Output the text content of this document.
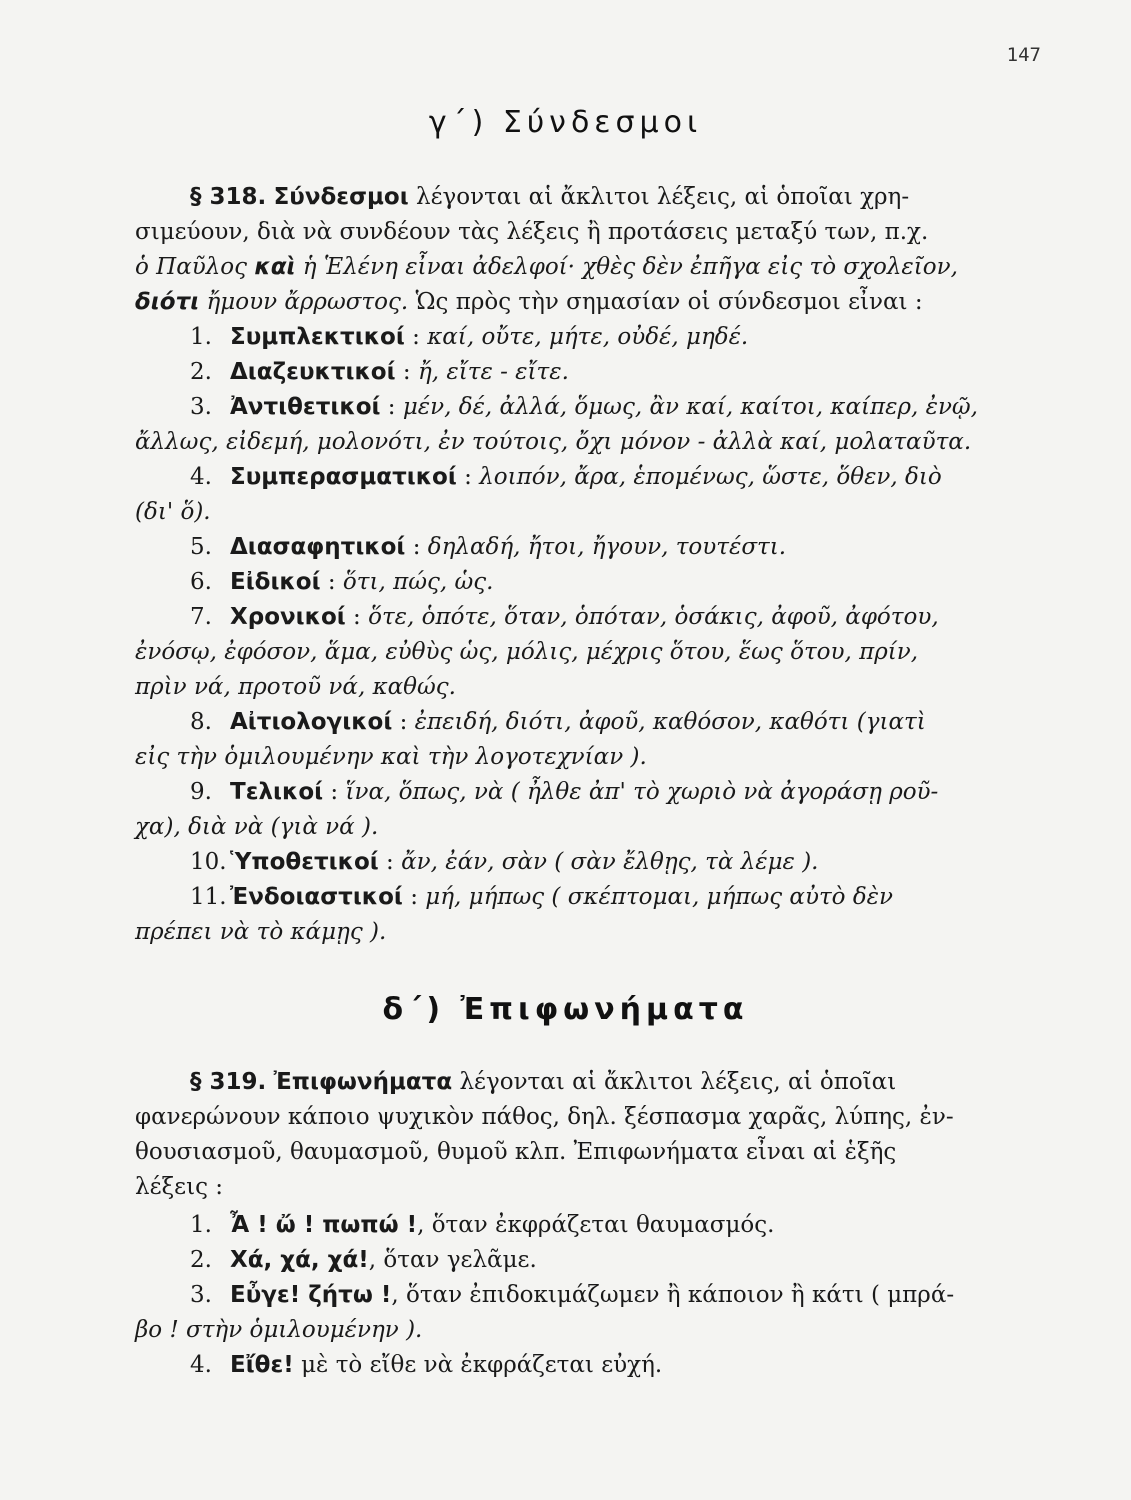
147
γ΄) Σύνδεσμοι

§ 318. Σύνδεσμοι λέγονται αἱ ἄκλιτοι λέξεις, αἱ ὁποῖαι χρη-

σιμεύουν, διὰ νὰ συνδέουν τὰς λέξεις ἢ προτάσεις μεταξύ των, π.χ.

ὁ Παῦλος καὶ ἡ Ἑλένη εἶναι ἀδελφοί· χθὲς δὲν ἐπῆγα εἰς τὸ σχολεῖον,

διότι ἤμουν ἄρρωστος. Ὡς πρὸς τὴν σημασίαν οἱ σύνδεσμοι εἶναι :

1. Συμπλεκτικοί : καί, οὔτε, μήτε, οὐδέ, μηδέ.

2. Διαζευκτικοί : ἤ, εἴτε - εἴτε.

3. Ἀντιθετικοί : μέν, δέ, ἀλλά, ὅμως, ἂν καί, καίτοι, καίπερ, ἐνῷ,

ἄλλως, εἰδεμή, μολονότι, ἐν τούτοις, ὄχι μόνον - ἀλλὰ καί, μολαταῦτα.

4. Συμπερασματικοί : λοιπόν, ἄρα, ἑπομένως, ὥστε, ὅθεν, διὸ

(δι' ὅ).

5. Διασαφητικοί : δηλαδή, ἤτοι, ἤγουν, τουτέστι.

6. Εἰδικοί : ὅτι, πώς, ὡς.

7. Χρονικοί : ὅτε, ὁπότε, ὅταν, ὁπόταν, ὁσάκις, ἀφοῦ, ἀφότου,

ἐνόσῳ, ἐφόσον, ἅμα, εὐθὺς ὡς, μόλις, μέχρις ὅτου, ἕως ὅτου, πρίν,

πρὶν νά, προτοῦ νά, καθώς.

8. Αἰτιολογικοί : ἐπειδή, διότι, ἀφοῦ, καθόσον, καθότι (γιατὶ

εἰς τὴν ὁμιλουμένην καὶ τὴν λογοτεχνίαν ).

9. Τελικοί : ἵνα, ὅπως, νὰ ( ἦλθε ἀπ' τὸ χωριὸ νὰ ἀγοράσῃ ροῦ-

χα), διὰ νὰ (γιὰ νά ).

10. Ὑποθετικοί : ἄν, ἐάν, σὰν ( σὰν ἔλθῃς, τὰ λέμε ).

11. Ἐνδοιαστικοί : μή, μήπως ( σκέπτομαι, μήπως αὐτὸ δὲν

πρέπει νὰ τὸ κάμῃς ).

δ΄) Ἐπιφωνήματα

§ 319. Ἐπιφωνήματα λέγονται αἱ ἄκλιτοι λέξεις, αἱ ὁποῖαι

φανερώνουν κάποιο ψυχικὸν πάθος, δηλ. ξέσπασμα χαρᾶς, λύπης, ἐν-

θουσιασμοῦ, θαυμασμοῦ, θυμοῦ κλπ. Ἐπιφωνήματα εἶναι αἱ ἑξῆς

λέξεις :

1. Ἆ ! ὤ ! πωπώ !, ὅταν ἐκφράζεται θαυμασμός.

2. Χά, χά, χά!, ὅταν γελᾶμε.

3. Εὖγε! ζήτω !, ὅταν ἐπιδοκιμάζωμεν ἢ κάποιον ἢ κάτι ( μπρά-

βο ! στὴν ὁμιλουμένην ).

4. Εἴθε! μὲ τὸ εἴθε νὰ ἐκφράζεται εὐχή.
